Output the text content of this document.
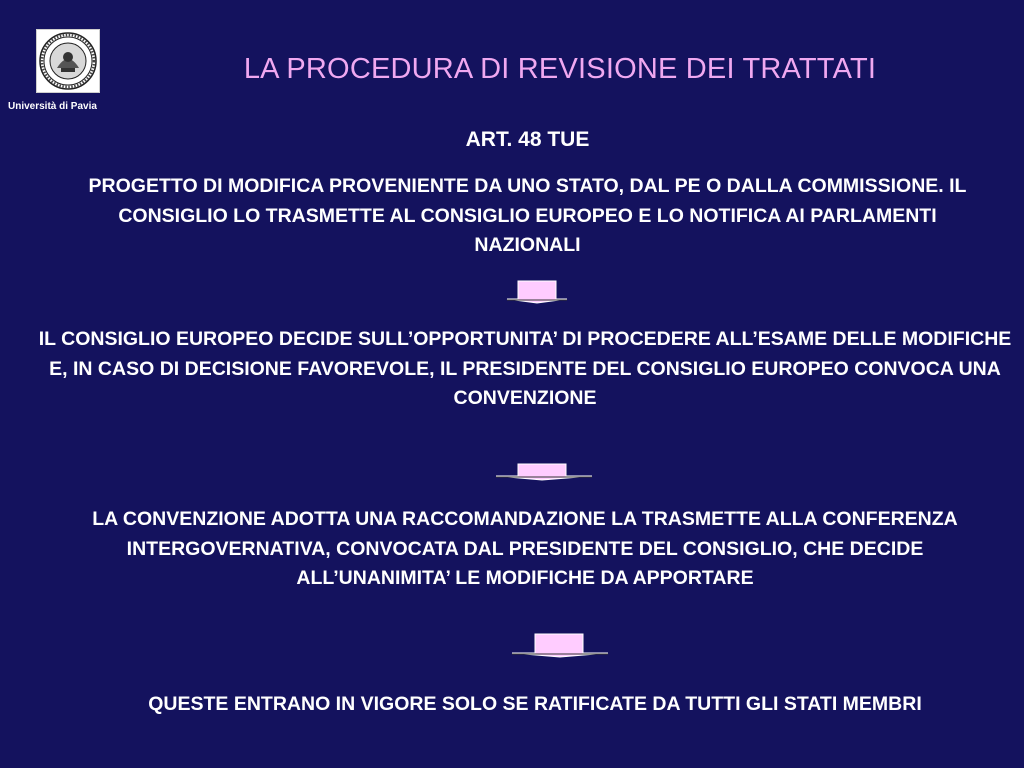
Università di Pavia
LA PROCEDURA DI REVISIONE DEI TRATTATI
ART. 48 TUE
PROGETTO DI MODIFICA PROVENIENTE DA UNO STATO, DAL PE O DALLA COMMISSIONE. IL CONSIGLIO LO TRASMETTE AL CONSIGLIO EUROPEO E LO NOTIFICA AI PARLAMENTI NAZIONALI
IL CONSIGLIO EUROPEO DECIDE SULL’OPPORTUNITA’ DI PROCEDERE ALL’ESAME DELLE MODIFICHE E, IN CASO DI DECISIONE FAVOREVOLE, IL PRESIDENTE DEL CONSIGLIO EUROPEO CONVOCA UNA CONVENZIONE
LA CONVENZIONE ADOTTA UNA RACCOMANDAZIONE LA TRASMETTE ALLA CONFERENZA INTERGOVERNATIVA, CONVOCATA DAL PRESIDENTE DEL CONSIGLIO, CHE DECIDE ALL’UNANIMITA’ LE MODIFICHE DA APPORTARE
QUESTE ENTRANO IN VIGORE SOLO SE RATIFICATE DA TUTTI GLI STATI MEMBRI
